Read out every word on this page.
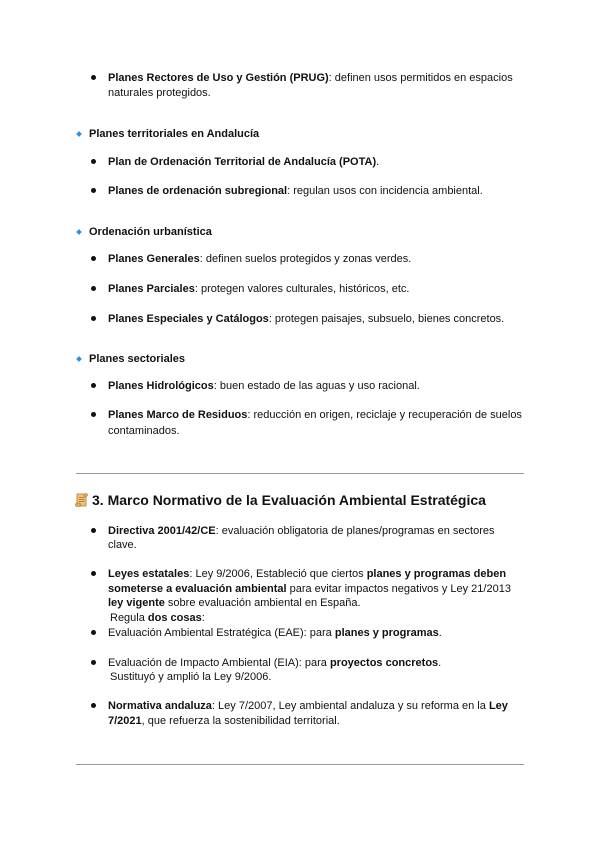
Planes Rectores de Uso y Gestión (PRUG): definen usos permitidos en espacios
naturales protegidos.
Planes territoriales en Andalucía
Plan de Ordenación Territorial de Andalucía (POTA).
Planes de ordenación subregional: regulan usos con incidencia ambiental.
Ordenación urbanística
Planes Generales: definen suelos protegidos y zonas verdes.
Planes Parciales: protegen valores culturales, históricos, etc.
Planes Especiales y Catálogos: protegen paisajes, subsuelo, bienes concretos.
Planes sectoriales
Planes Hidrológicos: buen estado de las aguas y uso racional.
Planes Marco de Residuos: reducción en origen, reciclaje y recuperación de suelos
contaminados.
3. Marco Normativo de la Evaluación Ambiental Estratégica
Directiva 2001/42/CE: evaluación obligatoria de planes/programas en sectores
clave.
Leyes estatales: Ley 9/2006, Estableció que ciertos planes y programas deben
someterse a evaluación ambiental para evitar impactos negativos y Ley 21/2013
ley vigente sobre evaluación ambiental en España.
Regula dos cosas:
Evaluación Ambiental Estratégica (EAE): para planes y programas.
Evaluación de Impacto Ambiental (EIA): para proyectos concretos.
Sustituyó y amplió la Ley 9/2006.
Normativa andaluza: Ley 7/2007, Ley ambiental andaluza y su reforma en la Ley
7/2021, que refuerza la sostenibilidad territorial.
